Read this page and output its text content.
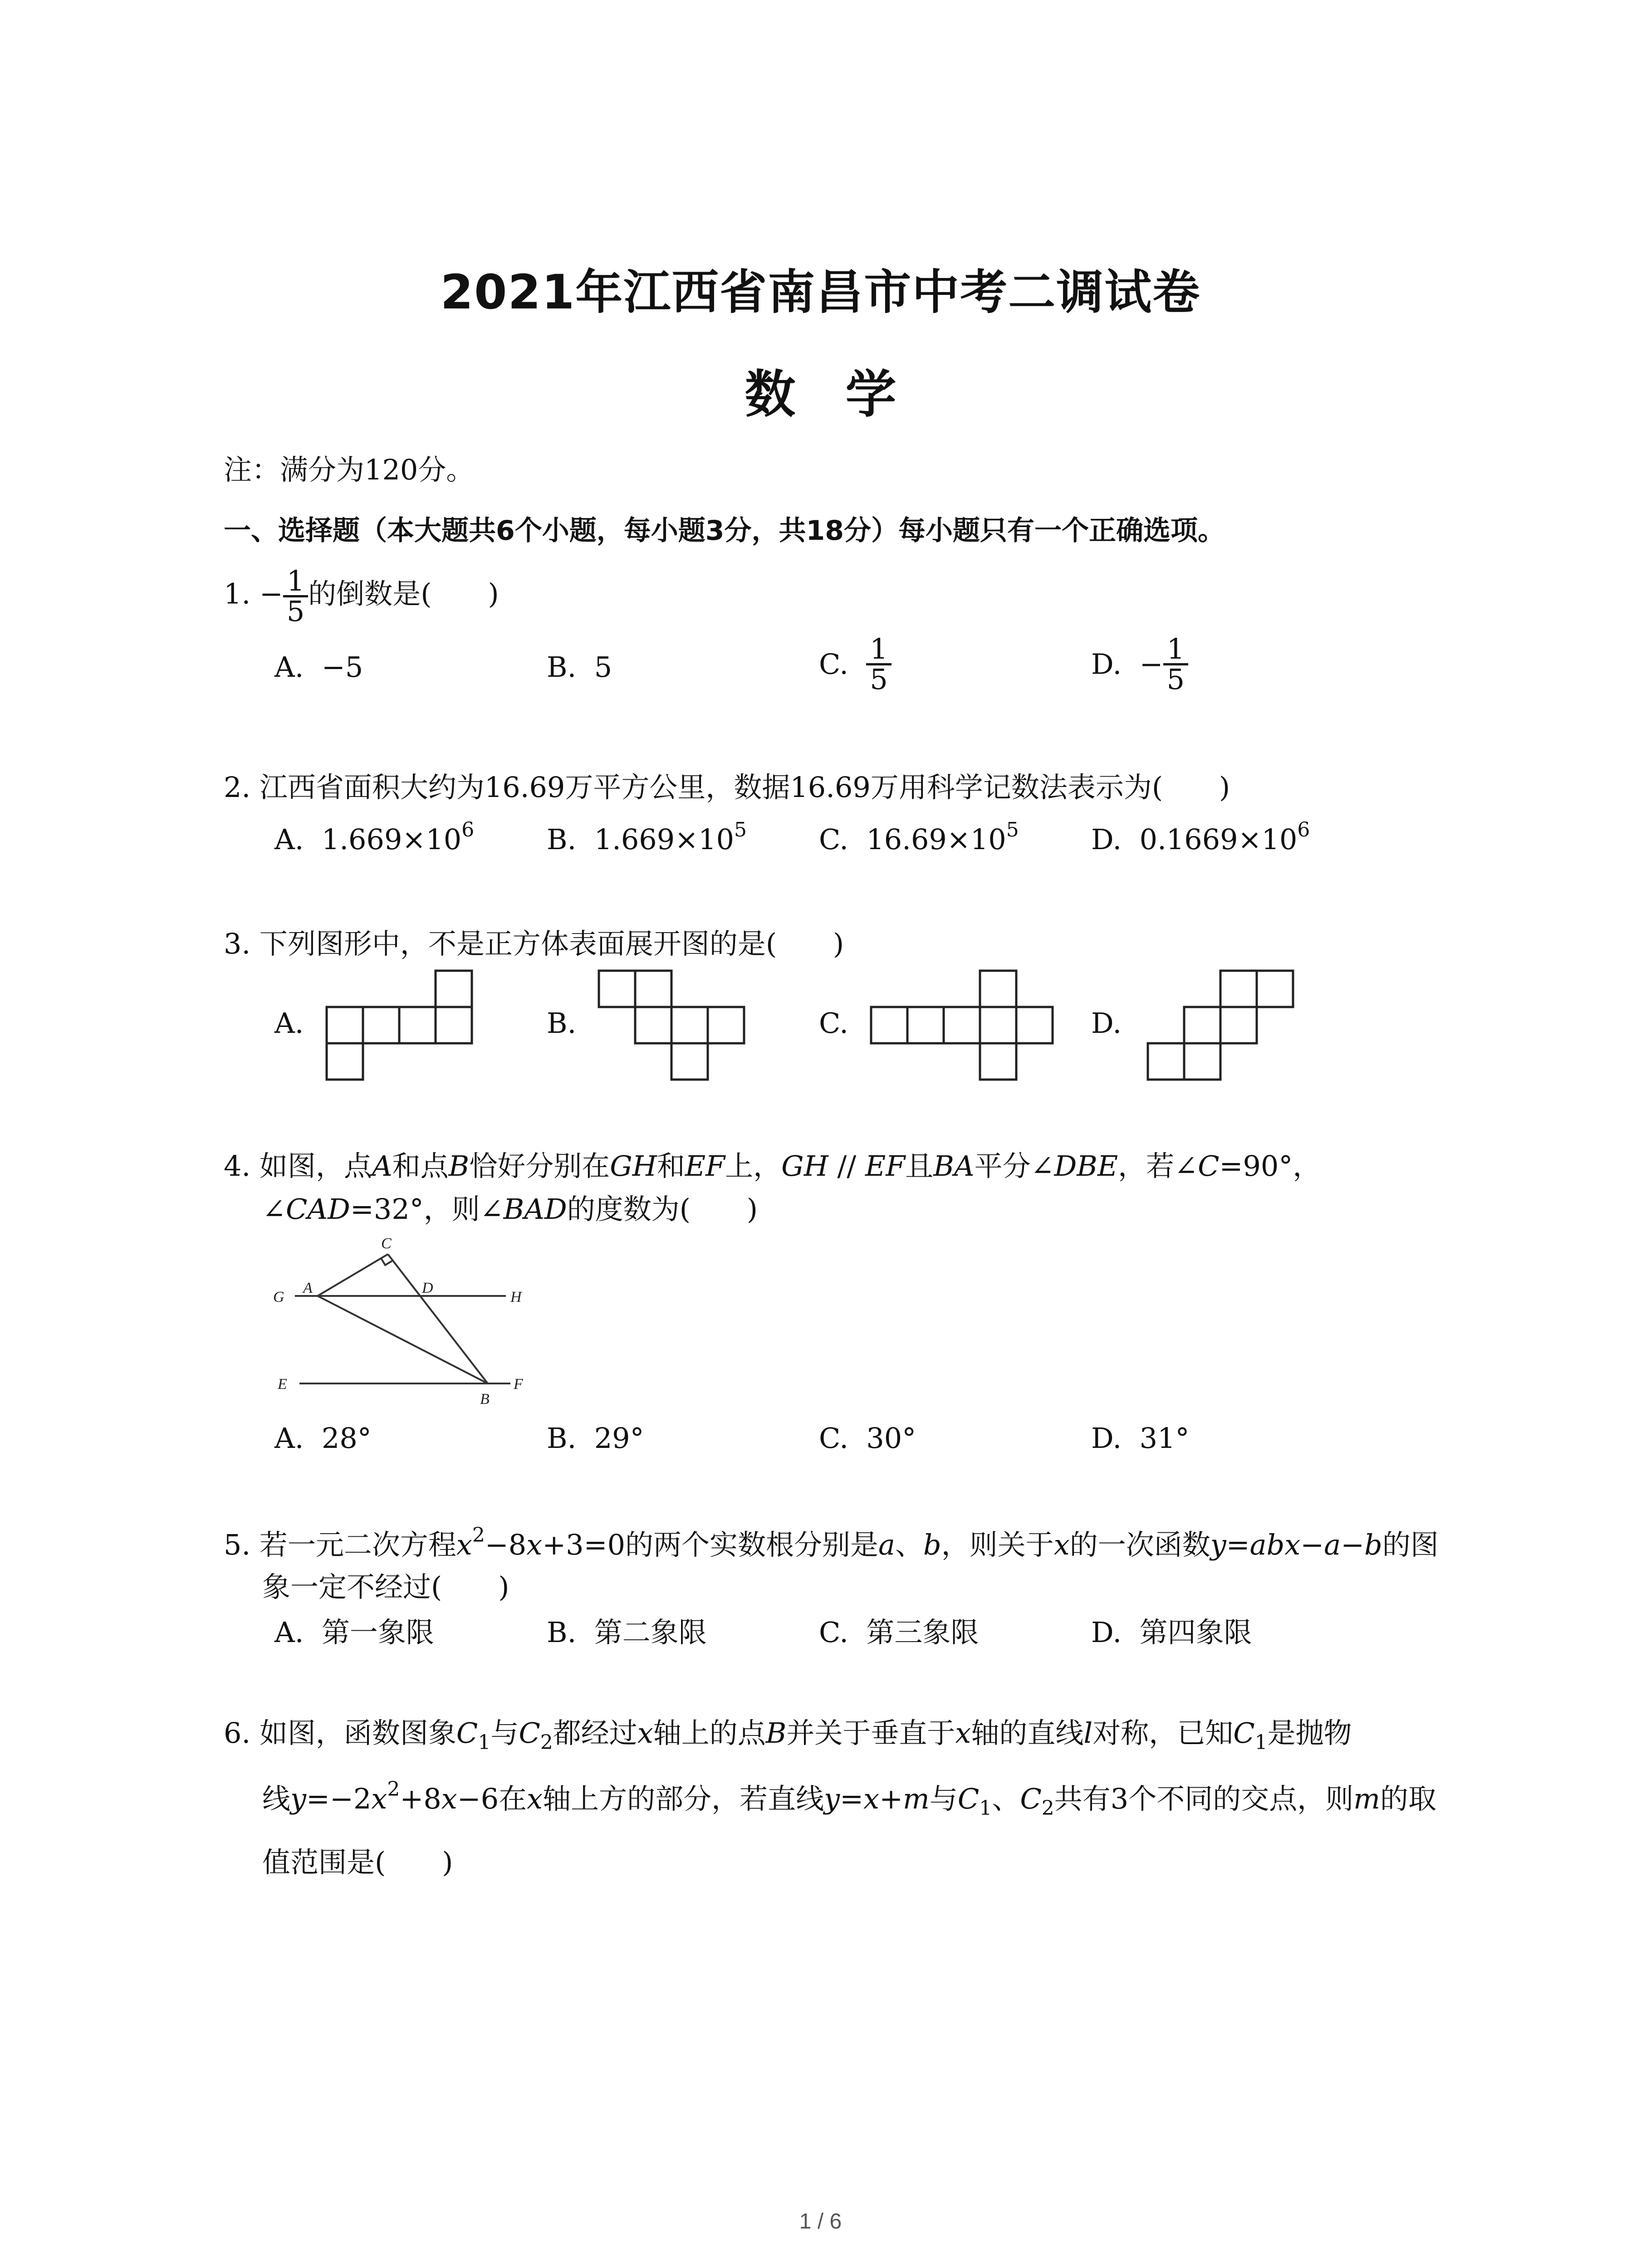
2021年江西省南昌市中考二调试卷
数学
注：满分为120分。
一、选择题（本大题共6个小题，每小题3分，共18分）每小题只有一个正确选项。
1. − $\frac{1}{5}$ 的倒数是(　　)
A. −5	B. 5	C. $\frac{1}{5}$	D. − $\frac{1}{5}$
2. 江西省面积大约为16.69万平方公里，数据16.69万用科学记数法表示为(　　)
A. $1.669\times 10^6$	B. $1.669\times 10^5$	C. $16.69\times 10^5$	D. $0.1669\times 10^6$
3. 下列图形中，不是正方体表面展开图的是(　　)
A.	B.	C.	D.
4. 如图，点A和点B恰好分别在GH和EF上，GH // EF且BA平分∠DBE，若∠C=90°，
∠CAD=32°，则∠BAD的度数为(　　)
C
G
A	D
H
E
B
F
A. 28°	B. 29°	C. 30°	D. 31°
5. 若一元二次方程$x^2-8x+3=0$的两个实数根分别是a、b，则关于x的一次函数y=abx−a−b的图
象一定不经过(　　)
A. 第一象限	B. 第二象限	C. 第三象限	D. 第四象限
6. 如图，函数图象$C_1$与$C_2$都经过x轴上的点B并关于垂直于x轴的直线l对称，已知$C_1$是抛物
线$y=-2x^2+8x-6$在x轴上方的部分，若直线y=x+m与$C_1$、$C_2$共有3个不同的交点，则m的取
值范围是(　　)
1 / 6
